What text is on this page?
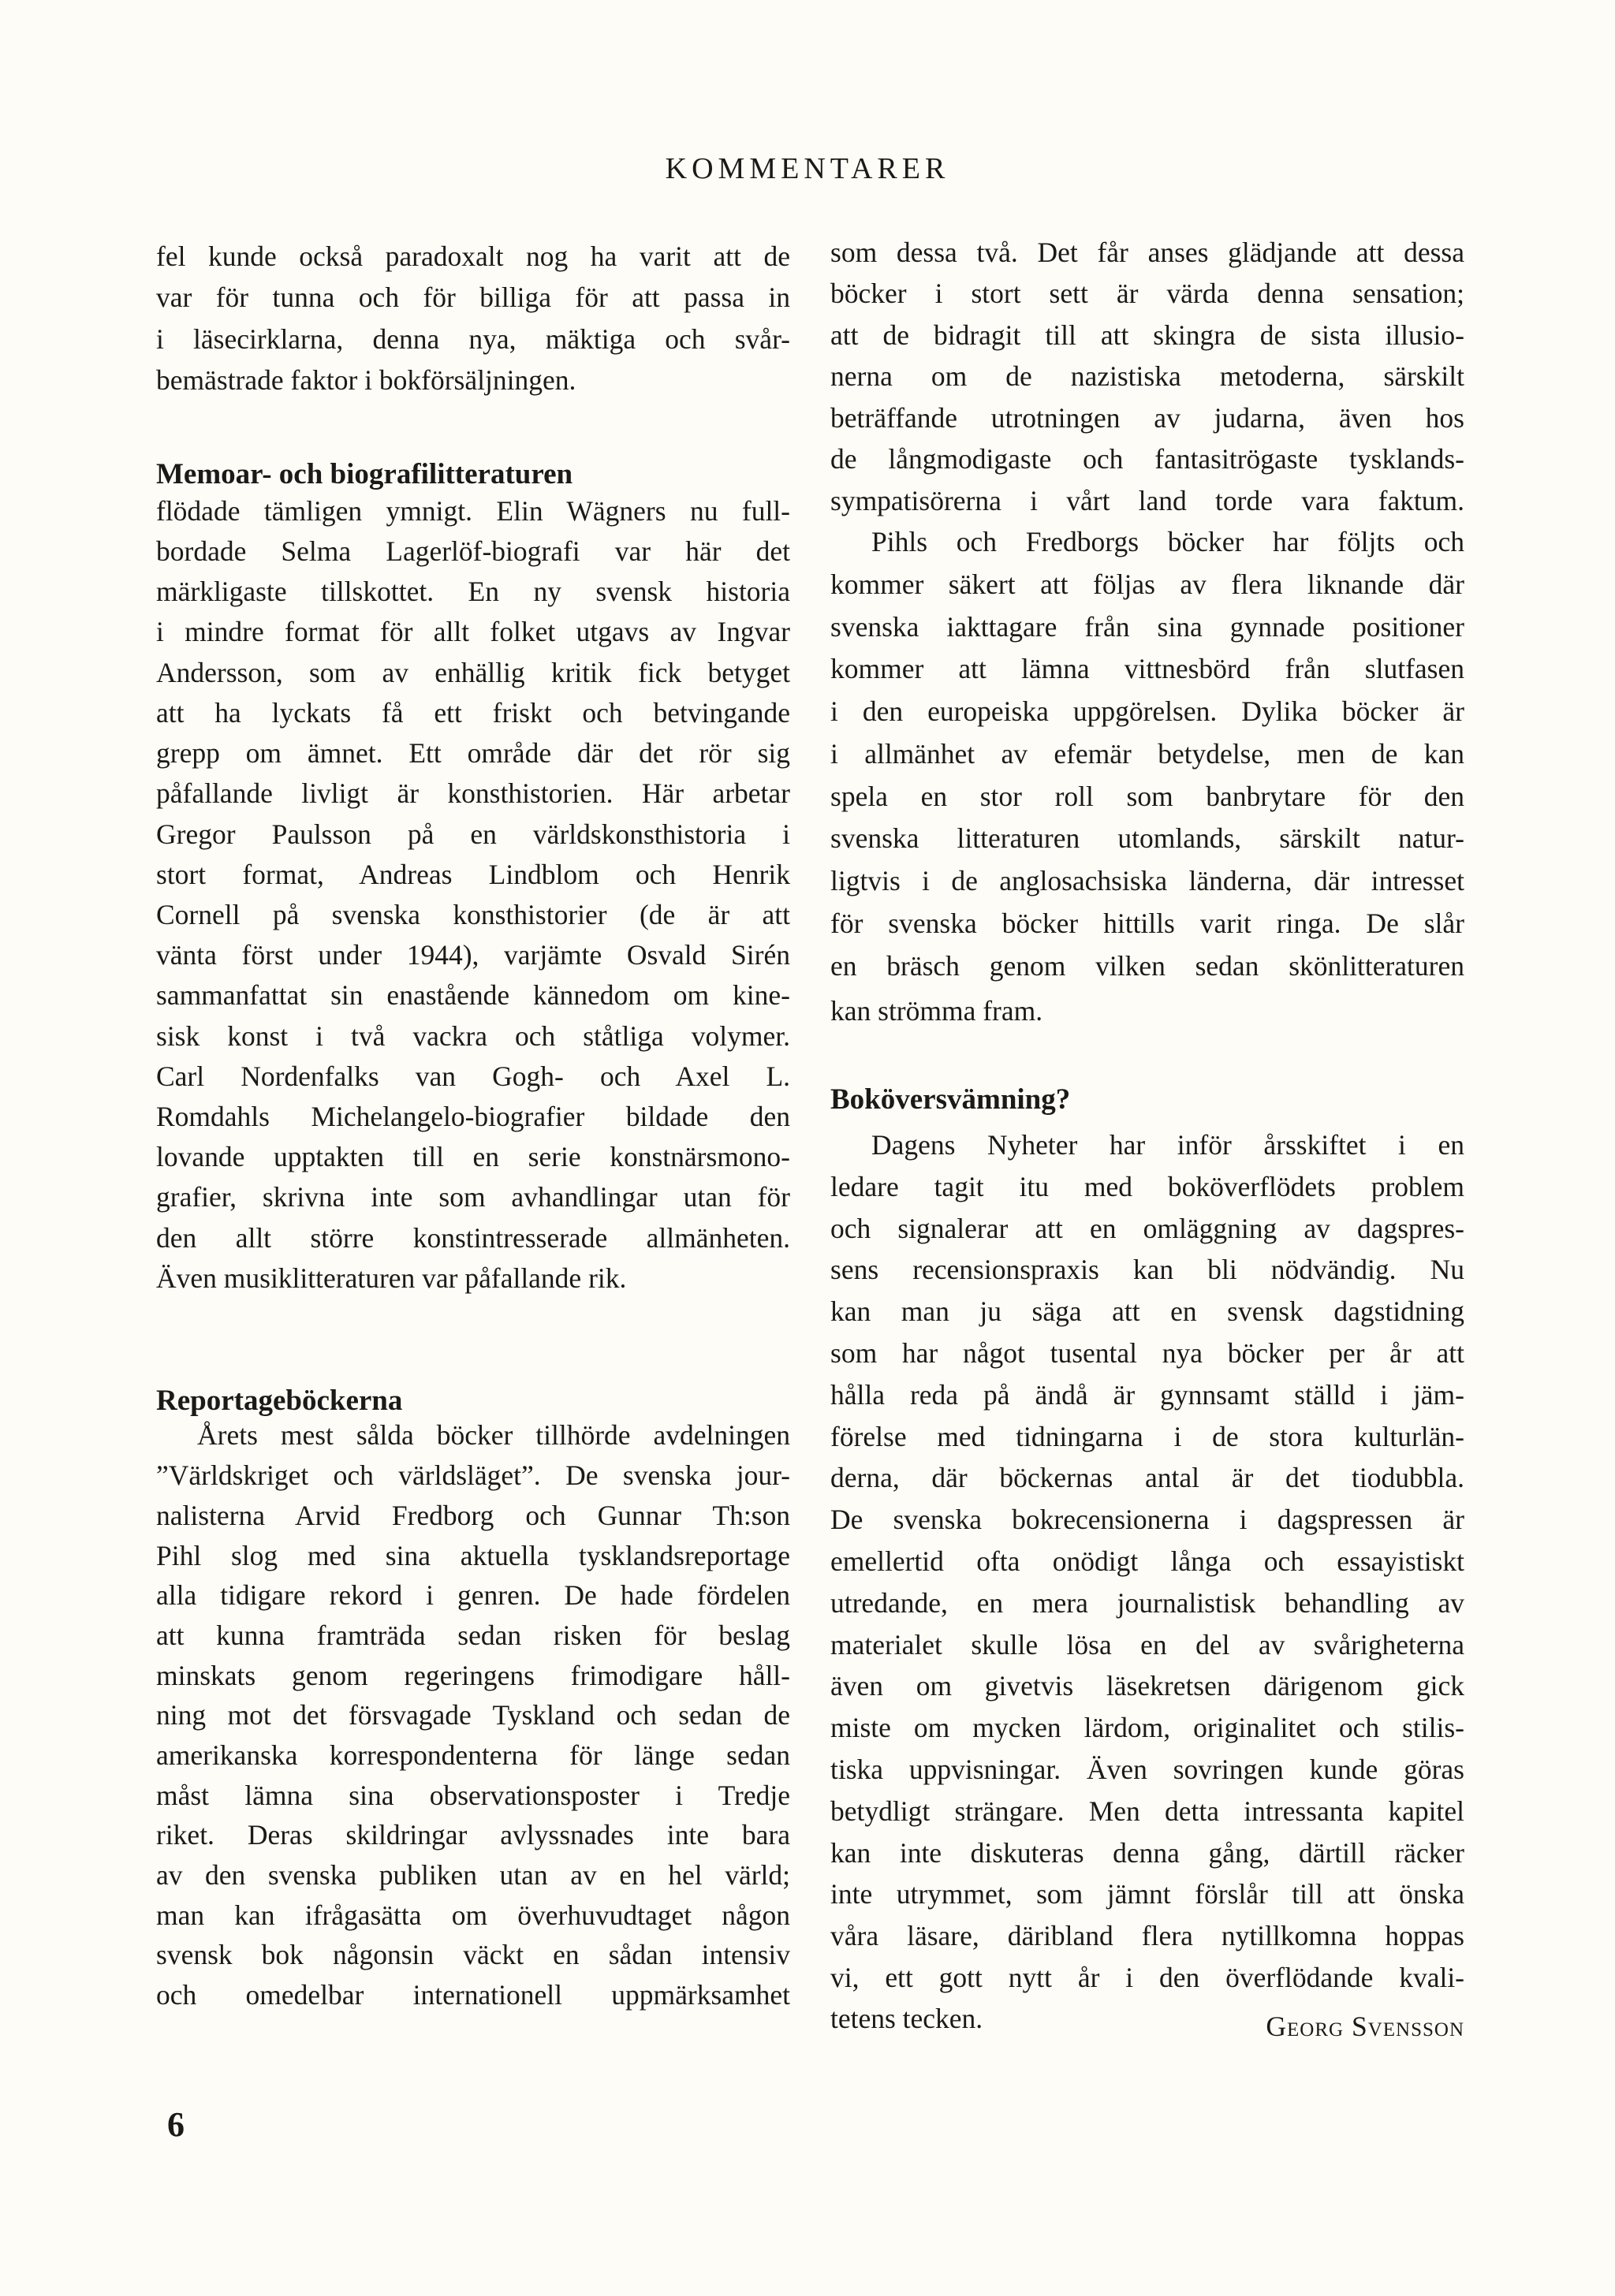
KOMMENTARER
fel kunde också paradoxalt nog ha varit att de
var för tunna och för billiga för att passa in
i läsecirklarna, denna nya, mäktiga och svår-
bemästrade faktor i bokförsäljningen.
Memoar- och biografilitteraturen
flödade tämligen ymnigt. Elin Wägners nu full-
bordade Selma Lagerlöf-biografi var här det
märkligaste tillskottet. En ny svensk historia
i mindre format för allt folket utgavs av Ingvar
Andersson, som av enhällig kritik fick betyget
att ha lyckats få ett friskt och betvingande
grepp om ämnet. Ett område där det rör sig
påfallande livligt är konsthistorien. Här arbetar
Gregor Paulsson på en världskonsthistoria i
stort format, Andreas Lindblom och Henrik
Cornell på svenska konsthistorier (de är att
vänta först under 1944), varjämte Osvald Sirén
sammanfattat sin enastående kännedom om kine-
sisk konst i två vackra och ståtliga volymer.
Carl Nordenfalks van Gogh- och Axel L.
Romdahls Michelangelo-biografier bildade den
lovande upptakten till en serie konstnärsmono-
grafier, skrivna inte som avhandlingar utan för
den allt större konstintresserade allmänheten.
Även musiklitteraturen var påfallande rik.
Reportageböckerna
Årets mest sålda böcker tillhörde avdelningen
”Världskriget och världsläget”. De svenska jour-
nalisterna Arvid Fredborg och Gunnar Th:son
Pihl slog med sina aktuella tysklandsreportage
alla tidigare rekord i genren. De hade fördelen
att kunna framträda sedan risken för beslag
minskats genom regeringens frimodigare håll-
ning mot det försvagade Tyskland och sedan de
amerikanska korrespondenterna för länge sedan
måst lämna sina observationsposter i Tredje
riket. Deras skildringar avlyssnades inte bara
av den svenska publiken utan av en hel värld;
man kan ifrågasätta om överhuvudtaget någon
svensk bok någonsin väckt en sådan intensiv
och omedelbar internationell uppmärksamhet
som dessa två. Det får anses glädjande att dessa
böcker i stort sett är värda denna sensation;
att de bidragit till att skingra de sista illusio-
nerna om de nazistiska metoderna, särskilt
beträffande utrotningen av judarna, även hos
de långmodigaste och fantasitrögaste tysklands-
sympatisörerna i vårt land torde vara faktum.
Pihls och Fredborgs böcker har följts och
kommer säkert att följas av flera liknande där
svenska iakttagare från sina gynnade positioner
kommer att lämna vittnesbörd från slutfasen
i den europeiska uppgörelsen. Dylika böcker är
i allmänhet av efemär betydelse, men de kan
spela en stor roll som banbrytare för den
svenska litteraturen utomlands, särskilt natur-
ligtvis i de anglosachsiska länderna, där intresset
för svenska böcker hittills varit ringa. De slår
en bräsch genom vilken sedan skönlitteraturen
kan strömma fram.
Boköversvämning?
Dagens Nyheter har inför årsskiftet i en
ledare tagit itu med boköverflödets problem
och signalerar att en omläggning av dagspres-
sens recensionspraxis kan bli nödvändig. Nu
kan man ju säga att en svensk dagstidning
som har något tusental nya böcker per år att
hålla reda på ändå är gynnsamt ställd i jäm-
förelse med tidningarna i de stora kulturlän-
derna, där böckernas antal är det tiodubbla.
De svenska bokrecensionerna i dagspressen är
emellertid ofta onödigt långa och essayistiskt
utredande, en mera journalistisk behandling av
materialet skulle lösa en del av svårigheterna
även om givetvis läsekretsen därigenom gick
miste om mycken lärdom, originalitet och stilis-
tiska uppvisningar. Även sovringen kunde göras
betydligt strängare. Men detta intressanta kapitel
kan inte diskuteras denna gång, därtill räcker
inte utrymmet, som jämnt förslår till att önska
våra läsare, däribland flera nytillkomna hoppas
vi, ett gott nytt år i den överflödande kvali-
tetens tecken.	Georg Svensson
6
